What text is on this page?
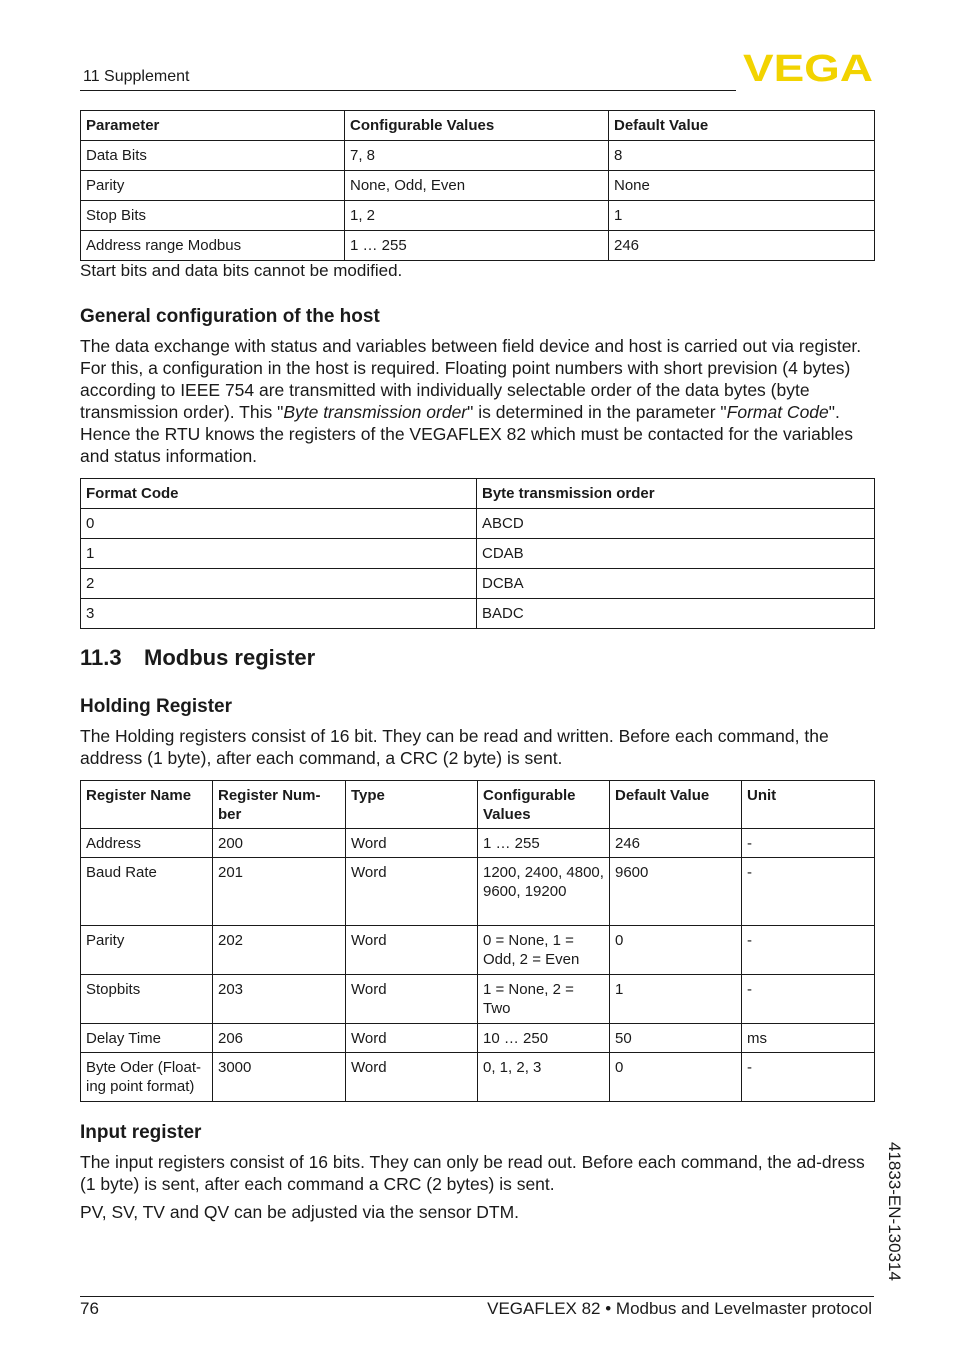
11 Supplement	VEGA
Parameter	Configurable Values	Default Value
Data Bits	7, 8	8
Parity	None, Odd, Even	None
Stop Bits	1, 2	1
Address range Modbus	1 … 255	246
Start bits and data bits cannot be modified.
General configuration of the host

The data exchange with status and variables between field device and host is carried out via register. For this, a configuration in the host is required. Floating point numbers with short prevision (4 bytes) according to IEEE 754 are transmitted with individually selectable order of the data bytes (byte transmission order). This "Byte transmission order" is determined in the parameter "Format Code". Hence the RTU knows the registers of the VEGAFLEX 82 which must be contacted for the variables and status information.

Format Code	Byte transmission order
0	ABCD
1	CDAB
2	DCBA
3	BADC
11.3 Modbus register
Holding Register

The Holding registers consist of 16 bit. They can be read and written. Before each command, the address (1 byte), after each command, a CRC (2 byte) is sent.

Register Name	Register Num-ber	Type	Configurable Values	Default Value	Unit
Address	200	Word	1 … 255	246	-
Baud Rate	201	Word	1200, 2400, 4800, 9600, 19200	9600	-
Parity	202	Word	0 = None, 1 = Odd, 2 = Even	0	-
Stopbits	203	Word	1 = None, 2 = Two	1	-
Delay Time	206	Word	10 … 250	50	ms
Byte Oder (Float-ing point format)	3000	Word	0, 1, 2, 3	0	-
Input register

The input registers consist of 16 bits. They can only be read out. Before each command, the ad-dress (1 byte) is sent, after each command a CRC (2 bytes) is sent.

PV, SV, TV and QV can be adjusted via the sensor DTM.	41833-EN-130314
76	VEGAFLEX 82 • Modbus and Levelmaster protocol
